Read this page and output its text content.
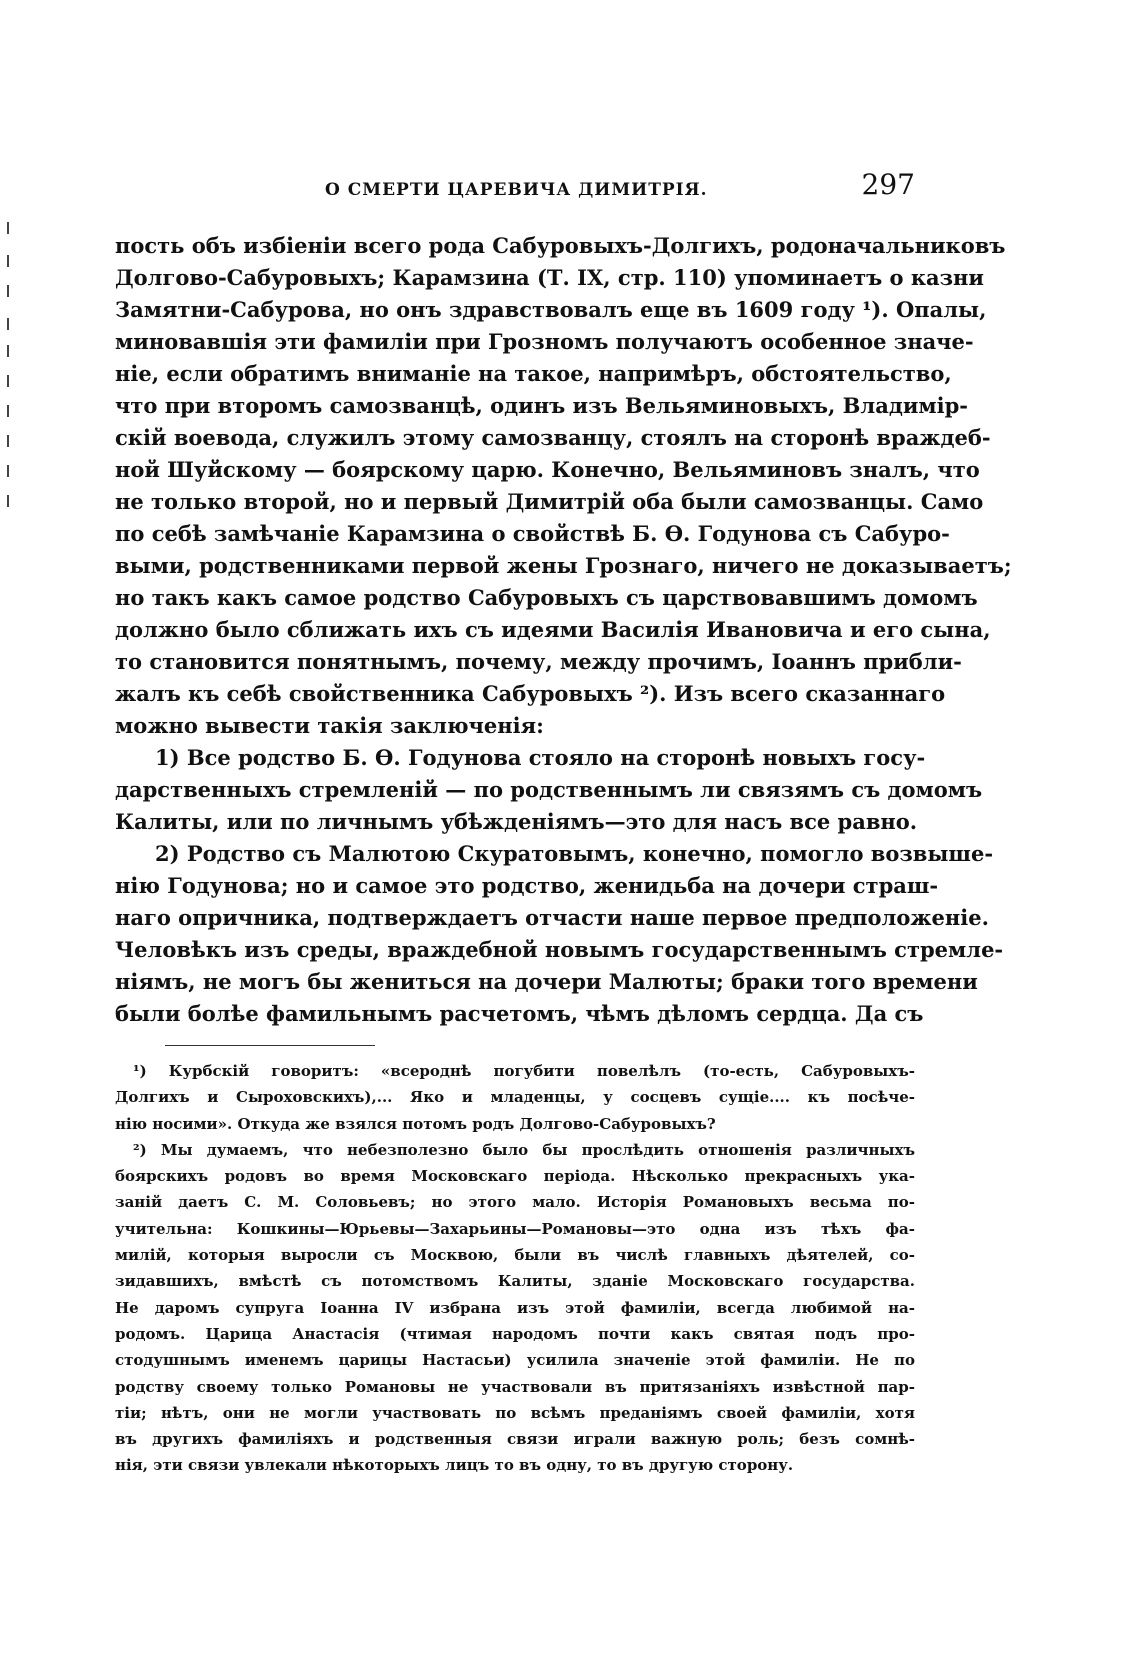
О СМЕРТИ ЦАРЕВИЧА ДИМИТРІЯ.	297
пость объ избіеніи всего рода Сабуровыхъ-Долгихъ, родоначальниковъ
Долгово-Сабуровыхъ; Карамзина (Т. IX, стр. 110) упоминаетъ о казни
Замятни-Сабурова, но онъ здравствовалъ еще въ 1609 году ¹). Опалы,
миновавшія эти фамиліи при Грозномъ получаютъ особенное значе-
ніе, если обратимъ вниманіе на такое, напримѣръ, обстоятельство,
что при второмъ самозванцѣ, одинъ изъ Вельяминовыхъ, Владимір-
скій воевода, служилъ этому самозванцу, стоялъ на сторонѣ враждеб-
ной Шуйскому — боярскому царю. Конечно, Вельяминовъ зналъ, что
не только второй, но и первый Димитрій оба были самозванцы. Само
по себѣ замѣчаніе Карамзина о свойствѣ Б. Ѳ. Годунова съ Сабуро-
выми, родственниками первой жены Грознаго, ничего не доказываетъ;
но такъ какъ самое родство Сабуровыхъ съ царствовавшимъ домомъ
должно было сближать ихъ съ идеями Василія Ивановича и его сына,
то становится понятнымъ, почему, между прочимъ, Іоаннъ прибли-
жалъ къ себѣ свойственника Сабуровыхъ ²). Изъ всего сказаннаго
можно вывести такія заключенія:
1) Все родство Б. Ѳ. Годунова стояло на сторонѣ новыхъ госу-
дарственныхъ стремленій — по родственнымъ ли связямъ съ домомъ
Калиты, или по личнымъ убѣжденіямъ—это для насъ все равно.
2) Родство съ Малютою Скуратовымъ, конечно, помогло возвыше-
нію Годунова; но и самое это родство, женидьба на дочери страш-
наго опричника, подтверждаетъ отчасти наше первое предположеніе.
Человѣкъ изъ среды, враждебной новымъ государственнымъ стремле-
ніямъ, не могъ бы жениться на дочери Малюты; браки того времени
были болѣе фамильнымъ расчетомъ, чѣмъ дѣломъ сердца. Да съ
¹) Курбскій говоритъ: «всероднѣ погубити повелѣлъ (то-есть, Сабуровыхъ-
Долгихъ и Сыроховскихъ),... Яко и младенцы, у сосцевъ сущіе.... къ посѣче-
нію носими». Откуда же взялся потомъ родъ Долгово-Сабуровыхъ?
²) Мы думаемъ, что небезполезно было бы прослѣдить отношенія различныхъ
боярскихъ родовъ во время Московскаго періода. Нѣсколько прекрасныхъ ука-
заній даетъ С. М. Соловьевъ; но этого мало. Исторія Романовыхъ весьма по-
учительна: Кошкины—Юрьевы—Захарьины—Романовы—это одна изъ тѣхъ фа-
милій, которыя выросли съ Москвою, были въ числѣ главныхъ дѣятелей, со-
зидавшихъ, вмѣстѣ съ потомствомъ Калиты, зданіе Московскаго государства.
Не даромъ супруга Іоанна IV избрана изъ этой фамиліи, всегда любимой на-
родомъ. Царица Анастасія (чтимая народомъ почти какъ святая подъ про-
стодушнымъ именемъ царицы Настасьи) усилила значеніе этой фамиліи. Не по
родству своему только Романовы не участвовали въ притязаніяхъ извѣстной пар-
тіи; нѣтъ, они не могли участвовать по всѣмъ преданіямъ своей фамиліи, хотя
въ другихъ фамиліяхъ и родственныя связи играли важную роль; безъ сомнѣ-
нія, эти связи увлекали нѣкоторыхъ лицъ то въ одну, то въ другую сторону.
